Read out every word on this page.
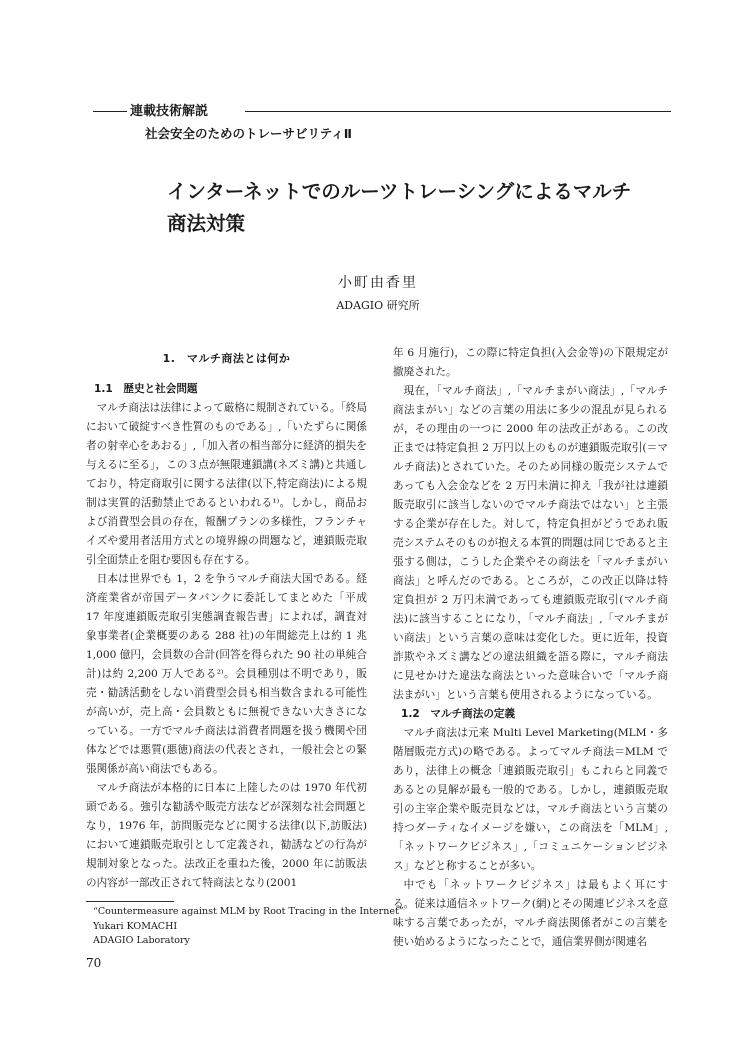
連載技術解説
社会安全のためのトレーサビリティⅡ
インターネットでのルーツトレーシングによるマルチ
商法対策
小町由香里
ADAGIO 研究所
1.　マルチ商法とは何か
1.1　歴史と社会問題

マルチ商法は法律によって厳格に規制されている。「終局において破綻すべき性質のものである」,「いたずらに関係者の射幸心をあおる」,「加入者の相当部分に経済的損失を与えるに至る」，この３点が無限連鎖講(ネズミ講)と共通しており，特定商取引に関する法律(以下,特定商法)による規制は実質的活動禁止であるといわれる¹⁾。しかし，商品および消費型会員の存在，報酬プランの多様性，フランチャイズや愛用者活用方式との境界線の問題など，連鎖販売取引全面禁止を阻む要因も存在する。

日本は世界でも 1，2 を争うマルチ商法大国である。経済産業省が帝国データバンクに委託してまとめた「平成 17 年度連鎖販売取引実態調査報告書」によれば，調査対象事業者(企業概要のある 288 社)の年間総売上は約 1 兆 1,000 億円，会員数の合計(回答を得られた 90 社の単純合計)は約 2,200 万人である²⁾。会員種別は不明であり，販売・勧誘活動をしない消費型会員も相当数含まれる可能性が高いが，売上高・会員数ともに無視できない大きさになっている。一方でマルチ商法は消費者問題を扱う機関や団体などでは悪質(悪徳)商法の代表とされ，一般社会との緊張関係が高い商法でもある。

マルチ商法が本格的に日本に上陸したのは 1970 年代初頭である。強引な勧誘や販売方法などが深刻な社会問題となり，1976 年，訪問販売などに関する法律(以下,訪販法)において連鎖販売取引として定義され，勧誘などの行為が規制対象となった。法改正を重ねた後，2000 年に訪販法の内容が一部改正されて特商法となり(2001

年 6 月施行)，この際に特定負担(入会金等)の下限規定が撤廃された。

現在，「マルチ商法」,「マルチまがい商法」,「マルチ商法まがい」などの言葉の用法に多少の混乱が見られるが，その理由の一つに 2000 年の法改正がある。この改正までは特定負担 2 万円以上のものが連鎖販売取引(＝マルチ商法)とされていた。そのため同様の販売システムであっても入会金などを 2 万円未満に抑え「我が社は連鎖販売取引に該当しないのでマルチ商法ではない」と主張する企業が存在した。対して，特定負担がどうであれ販売システムそのものが抱える本質的問題は同じであると主張する側は，こうした企業やその商法を「マルチまがい商法」と呼んだのである。ところが，この改正以降は特定負担が 2 万円未満であっても連鎖販売取引(マルチ商法)に該当することになり，「マルチ商法」,「マルチまがい商法」という言葉の意味は変化した。更に近年，投資詐欺やネズミ講などの違法組織を語る際に，マルチ商法に見せかけた違法な商法といった意味合いで「マルチ商法まがい」という言葉も使用されるようになっている。

1.2　マルチ商法の定義

マルチ商法は元来 Multi Level Marketing(MLM・多階層販売方式)の略である。よってマルチ商法＝MLM であり，法律上の概念「連鎖販売取引」もこれらと同義であるとの見解が最も一般的である。しかし，連鎖販売取引の主宰企業や販売員などは，マルチ商法という言葉の持つダーティなイメージを嫌い，この商法を「MLM」,「ネットワークビジネス」,「コミュニケーションビジネス」などと称することが多い。

中でも「ネットワークビジネス」は最もよく耳にする。従来は通信ネットワーク(網)とその関連ビジネスを意味する言葉であったが，マルチ商法関係者がこの言葉を使い始めるようになったことで，通信業界側が関連名

“Countermeasure against MLM by Root Tracing in the Internet”
Yukari KOMACHI
ADAGIO Laboratory
70
